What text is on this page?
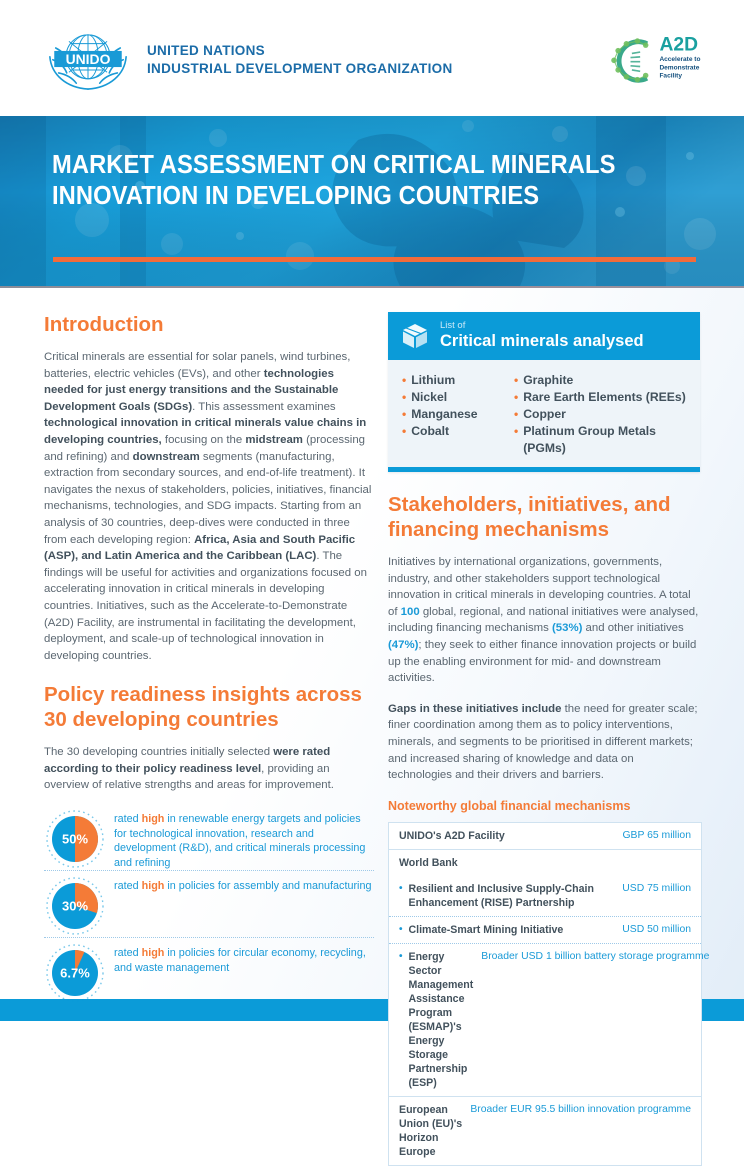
UNIDO
UNITED NATIONS
INDUSTRIAL DEVELOPMENT ORGANIZATION
A2D
Accelerate to
Demonstrate
Facility
MARKET ASSESSMENT ON CRITICAL MINERALS
INNOVATION IN DEVELOPING COUNTRIES
Introduction

Critical minerals are essential for solar panels, wind turbines, batteries, electric vehicles (EVs), and other technologies needed for just energy transitions and the Sustainable Development Goals (SDGs). This assessment examines technological innovation in critical minerals value chains in developing countries, focusing on the midstream (processing and refining) and downstream segments (manufacturing, extraction from secondary sources, and end-of-life treatment). It navigates the nexus of stakeholders, policies, initiatives, financial mechanisms, technologies, and SDG impacts. Starting from an analysis of 30 countries, deep-dives were conducted in three from each developing region: Africa, Asia and South Pacific (ASP), and Latin America and the Caribbean (LAC). The findings will be useful for activities and organizations focused on accelerating innovation in critical minerals in developing countries. Initiatives, such as the Accelerate-to-Demonstrate (A2D) Facility, are instrumental in facilitating the development, deployment, and scale-up of technological innovation in developing countries.

Policy readiness insights across 30 developing countries

The 30 developing countries initially selected were rated according to their policy readiness level, providing an overview of relative strengths and areas for improvement.

50%
rated high in renewable energy targets and policies for technological innovation, research and development (R&D), and critical minerals processing and refining
30%
rated high in policies for assembly and manufacturing
6.7%
rated high in policies for circular economy, recycling, and waste management
List of
Critical minerals analysed
• Lithium
• Nickel
• Manganese
• Cobalt
• Graphite
• Rare Earth Elements (REEs)
• Copper
• Platinum Group Metals (PGMs)
Stakeholders, initiatives, and financing mechanisms

Initiatives by international organizations, governments, industry, and other stakeholders support technological innovation in critical minerals in developing countries. A total of 100 global, regional, and national initiatives were analysed, including financing mechanisms (53%) and other initiatives (47%); they seek to either finance innovation projects or build up the enabling environment for mid- and downstream activities.

Gaps in these initiatives include the need for greater scale; finer coordination among them as to policy interventions, minerals, and segments to be prioritised in different markets; and increased sharing of knowledge and data on technologies and their drivers and barriers.

Noteworthy global financial mechanisms
UNIDO's A2D Facility	GBP 65 million
World Bank
• Resilient and Inclusive Supply-Chain Enhancement (RISE) Partnership
USD 75 million
• Climate-Smart Mining Initiative	USD 50 million
• Energy Sector Management Assistance Program (ESMAP)'s Energy Storage Partnership (ESP)
Broader USD 1 billion battery storage programme
European Union (EU)'s Horizon Europe
Broader EUR 95.5 billion innovation programme
